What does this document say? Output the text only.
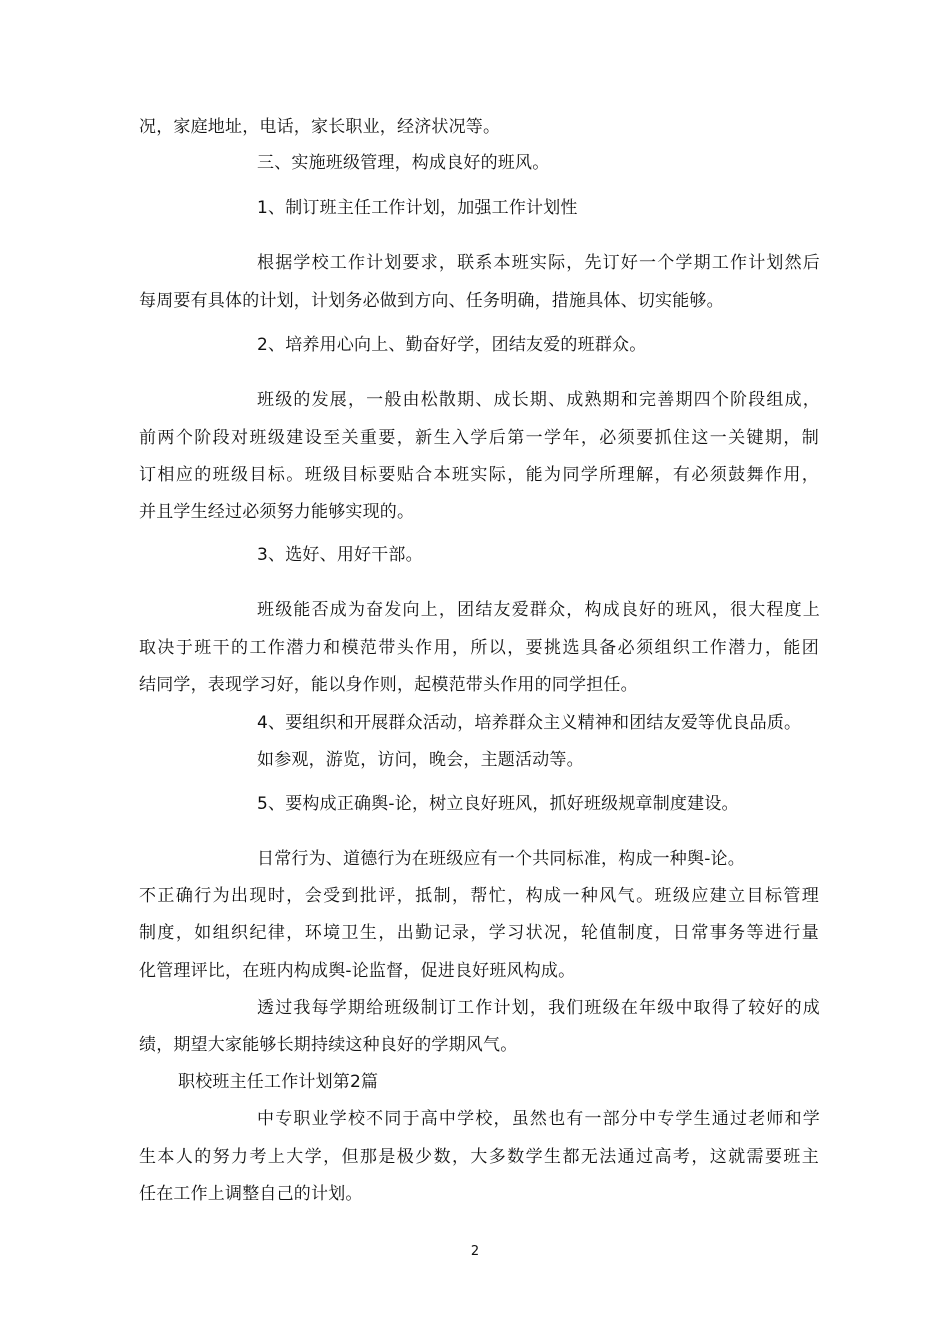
况，家庭地址，电话，家长职业，经济状况等。
三、实施班级管理，构成良好的班风。
1、制订班主任工作计划，加强工作计划性
根据学校工作计划要求，联系本班实际，先订好一个学期工作计划然后
每周要有具体的计划，计划务必做到方向、任务明确，措施具体、切实能够。
2、培养用心向上、勤奋好学，团结友爱的班群众。
班级的发展，一般由松散期、成长期、成熟期和完善期四个阶段组成，
前两个阶段对班级建设至关重要，新生入学后第一学年，必须要抓住这一关键期，制
订相应的班级目标。班级目标要贴合本班实际，能为同学所理解，有必须鼓舞作用，
并且学生经过必须努力能够实现的。
3、选好、用好干部。
班级能否成为奋发向上，团结友爱群众，构成良好的班风，很大程度上
取决于班干的工作潜力和模范带头作用，所以，要挑选具备必须组织工作潜力，能团
结同学，表现学习好，能以身作则，起模范带头作用的同学担任。
4、要组织和开展群众活动，培养群众主义精神和团结友爱等优良品质。
如参观，游览，访问，晚会，主题活动等。
5、要构成正确舆-论，树立良好班风，抓好班级规章制度建设。
日常行为、道德行为在班级应有一个共同标准，构成一种舆-论。
不正确行为出现时，会受到批评，抵制，帮忙，构成一种风气。班级应建立目标管理
制度，如组织纪律，环境卫生，出勤记录，学习状况，轮值制度，日常事务等进行量
化管理评比，在班内构成舆-论监督，促进良好班风构成。
透过我每学期给班级制订工作计划，我们班级在年级中取得了较好的成
绩，期望大家能够长期持续这种良好的学期风气。
职校班主任工作计划第2篇
中专职业学校不同于高中学校，虽然也有一部分中专学生通过老师和学
生本人的努力考上大学，但那是极少数，大多数学生都无法通过高考，这就需要班主
任在工作上调整自己的计划。
2
